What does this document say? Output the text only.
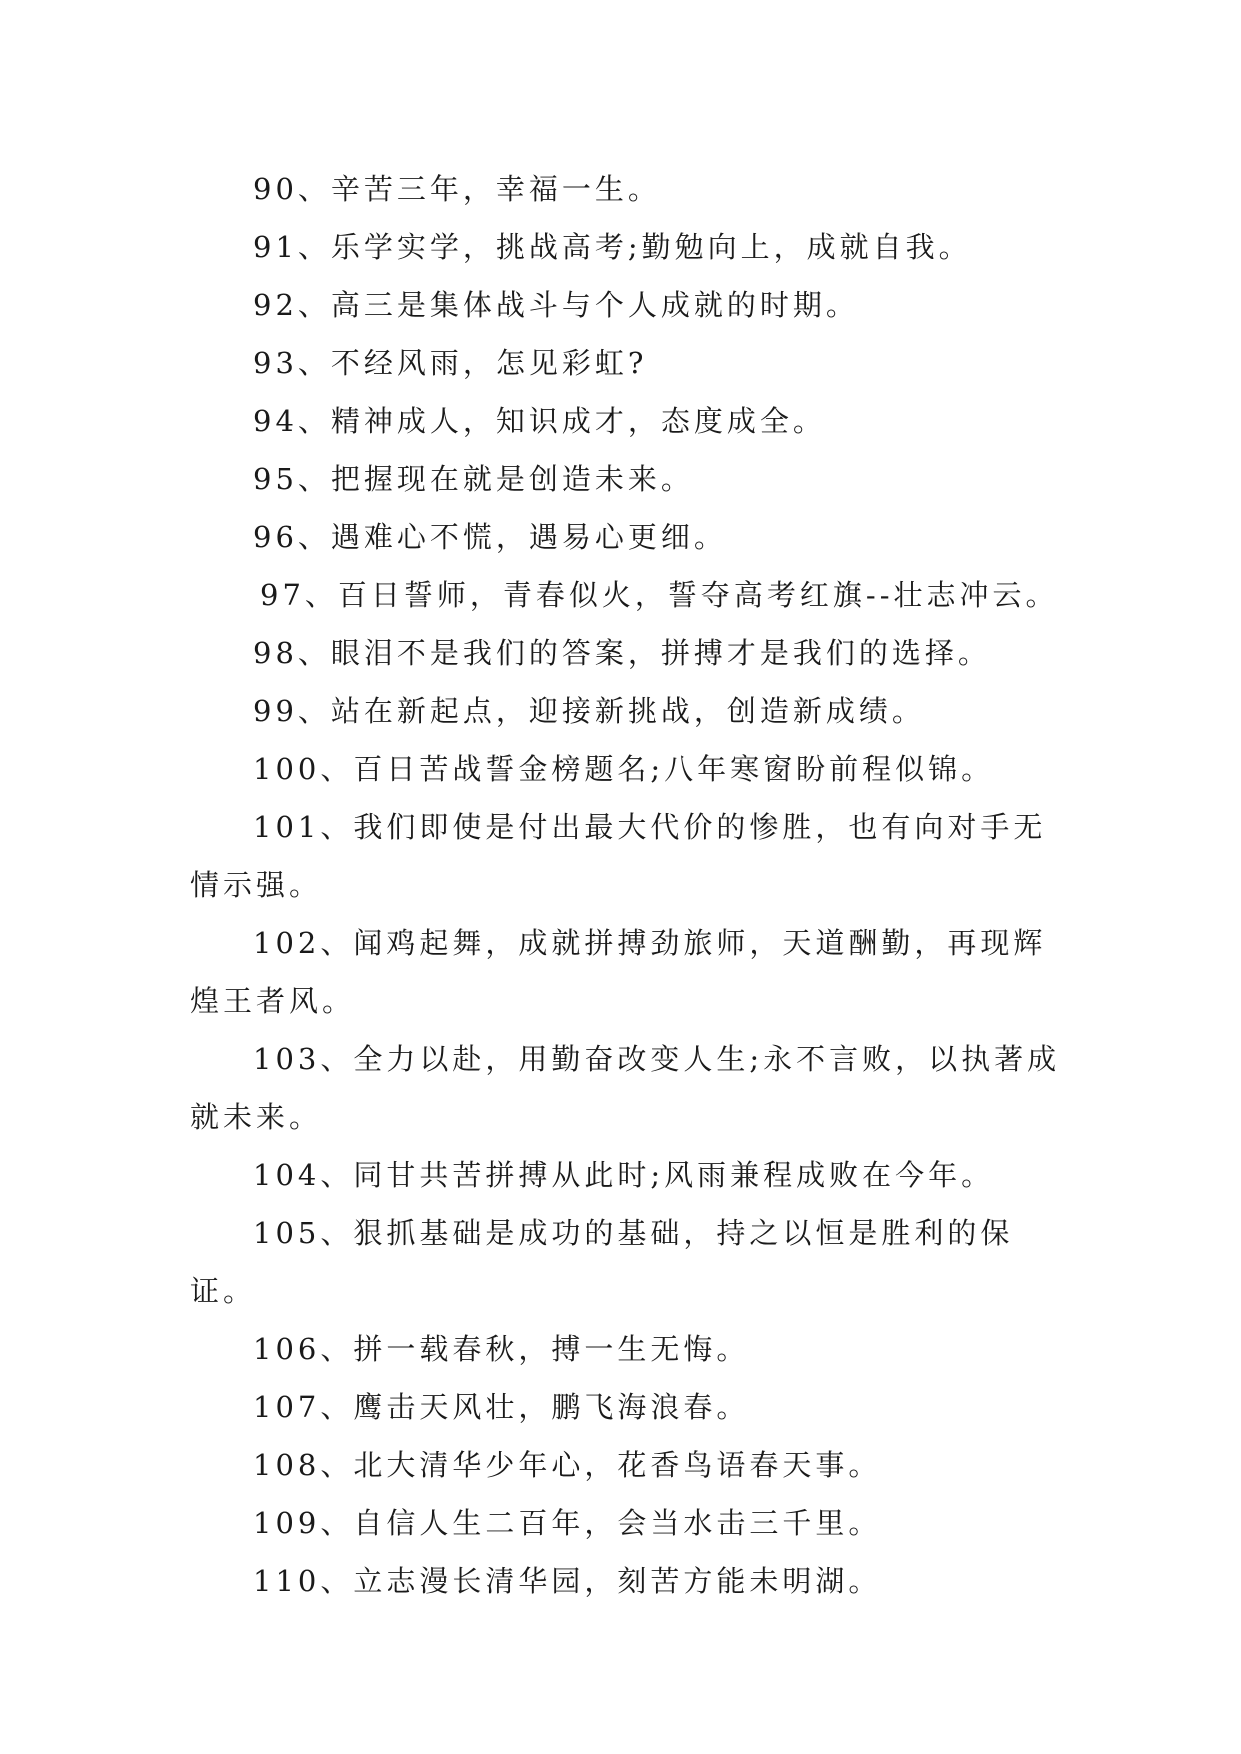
90、辛苦三年，幸福一生。

91、乐学实学，挑战高考;勤勉向上，成就自我。

92、高三是集体战斗与个人成就的时期。

93、不经风雨，怎见彩虹?

94、精神成人，知识成才，态度成全。

95、把握现在就是创造未来。

96、遇难心不慌，遇易心更细。

97、百日誓师，青春似火，誓夺高考红旗--壮志冲云。

98、眼泪不是我们的答案，拼搏才是我们的选择。

99、站在新起点，迎接新挑战，创造新成绩。

100、百日苦战誓金榜题名;八年寒窗盼前程似锦。

101、我们即使是付出最大代价的惨胜，也有向对手无情示强。

102、闻鸡起舞，成就拼搏劲旅师，天道酬勤，再现辉煌王者风。

103、全力以赴，用勤奋改变人生;永不言败，以执著成就未来。

104、同甘共苦拼搏从此时;风雨兼程成败在今年。

105、狠抓基础是成功的基础，持之以恒是胜利的保证。

106、拼一载春秋，搏一生无悔。

107、鹰击天风壮，鹏飞海浪春。

108、北大清华少年心，花香鸟语春天事。

109、自信人生二百年，会当水击三千里。

110、立志漫长清华园，刻苦方能未明湖。
